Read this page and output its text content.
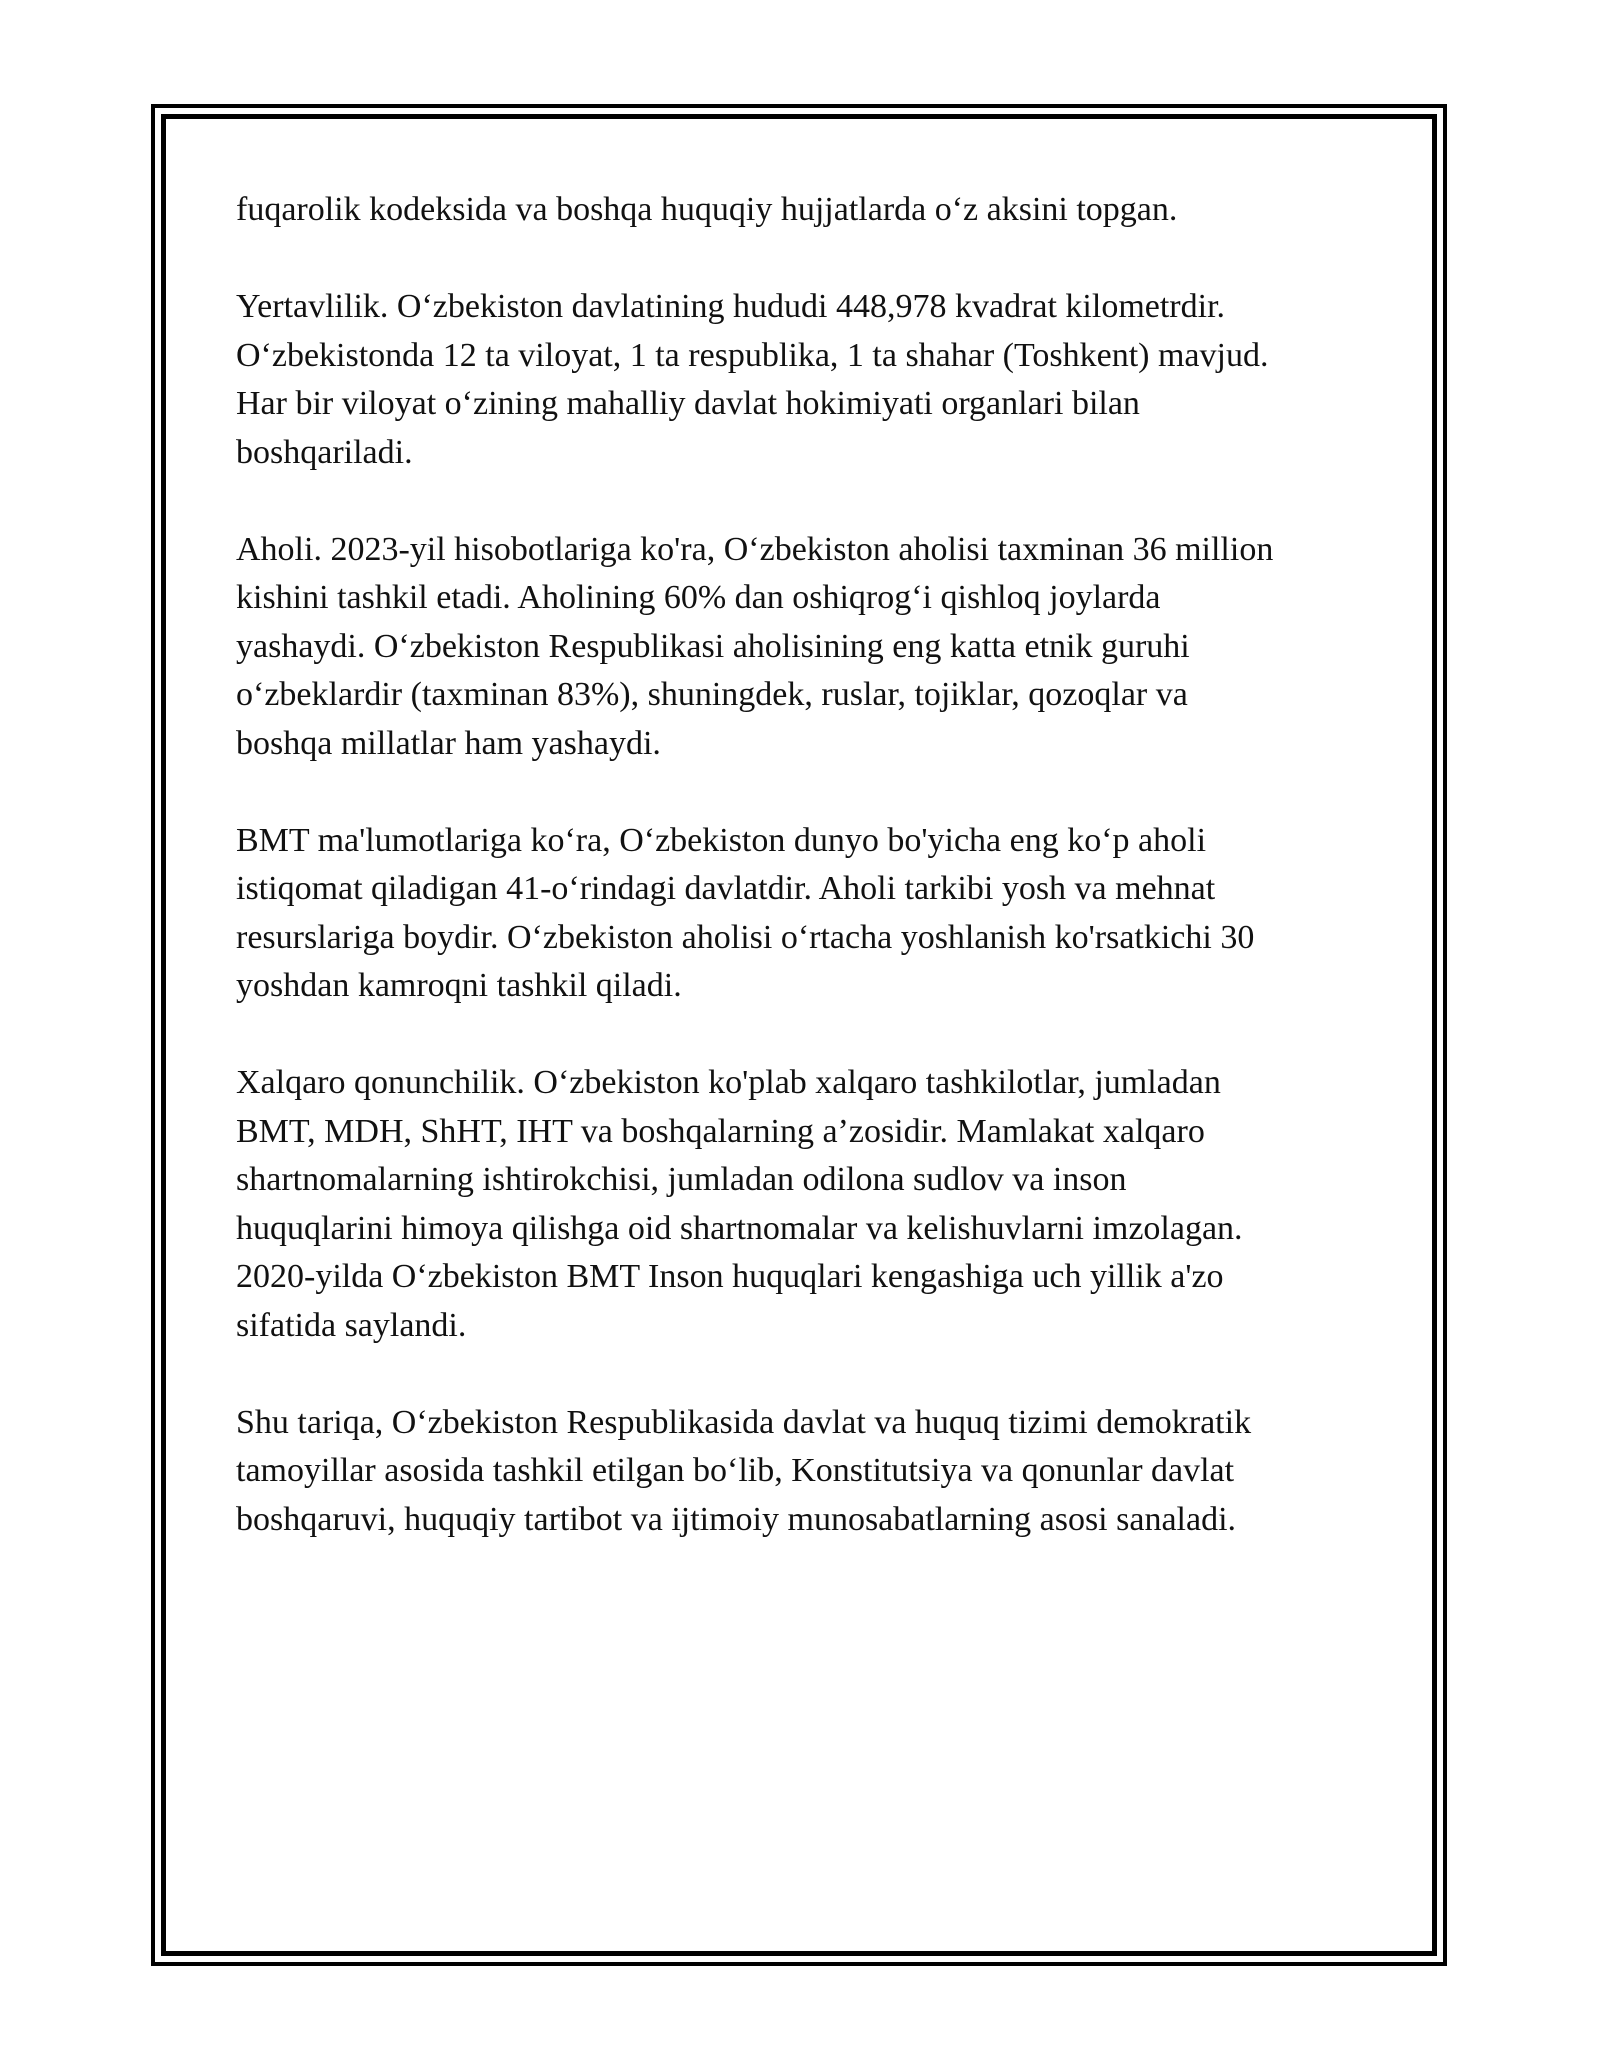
fuqarolik kodeksida va boshqa huquqiy hujjatlarda o‘z aksini topgan.

Yertavlilik. O‘zbekiston davlatining hududi 448,978 kvadrat kilometrdir.
O‘zbekistonda 12 ta viloyat, 1 ta respublika, 1 ta shahar (Toshkent) mavjud.
Har bir viloyat o‘zining mahalliy davlat hokimiyati organlari bilan
boshqariladi.

Aholi. 2023-yil hisobotlariga ko'ra, O‘zbekiston aholisi taxminan 36 million
kishini tashkil etadi. Aholining 60% dan oshiqrog‘i qishloq joylarda
yashaydi. O‘zbekiston Respublikasi aholisining eng katta etnik guruhi
o‘zbeklardir (taxminan 83%), shuningdek, ruslar, tojiklar, qozoqlar va
boshqa millatlar ham yashaydi.

BMT ma'lumotlariga ko‘ra, O‘zbekiston dunyo bo'yicha eng ko‘p aholi
istiqomat qiladigan 41-o‘rindagi davlatdir. Aholi tarkibi yosh va mehnat
resurslariga boydir. O‘zbekiston aholisi o‘rtacha yoshlanish ko'rsatkichi 30
yoshdan kamroqni tashkil qiladi.

Xalqaro qonunchilik. O‘zbekiston ko'plab xalqaro tashkilotlar, jumladan
BMT, MDH, ShHT, IHT va boshqalarning a’zosidir. Mamlakat xalqaro
shartnomalarning ishtirokchisi, jumladan odilona sudlov va inson
huquqlarini himoya qilishga oid shartnomalar va kelishuvlarni imzolagan.
2020-yilda O‘zbekiston BMT Inson huquqlari kengashiga uch yillik a'zo
sifatida saylandi.

Shu tariqa, O‘zbekiston Respublikasida davlat va huquq tizimi demokratik
tamoyillar asosida tashkil etilgan bo‘lib, Konstitutsiya va qonunlar davlat
boshqaruvi, huquqiy tartibot va ijtimoiy munosabatlarning asosi sanaladi.
